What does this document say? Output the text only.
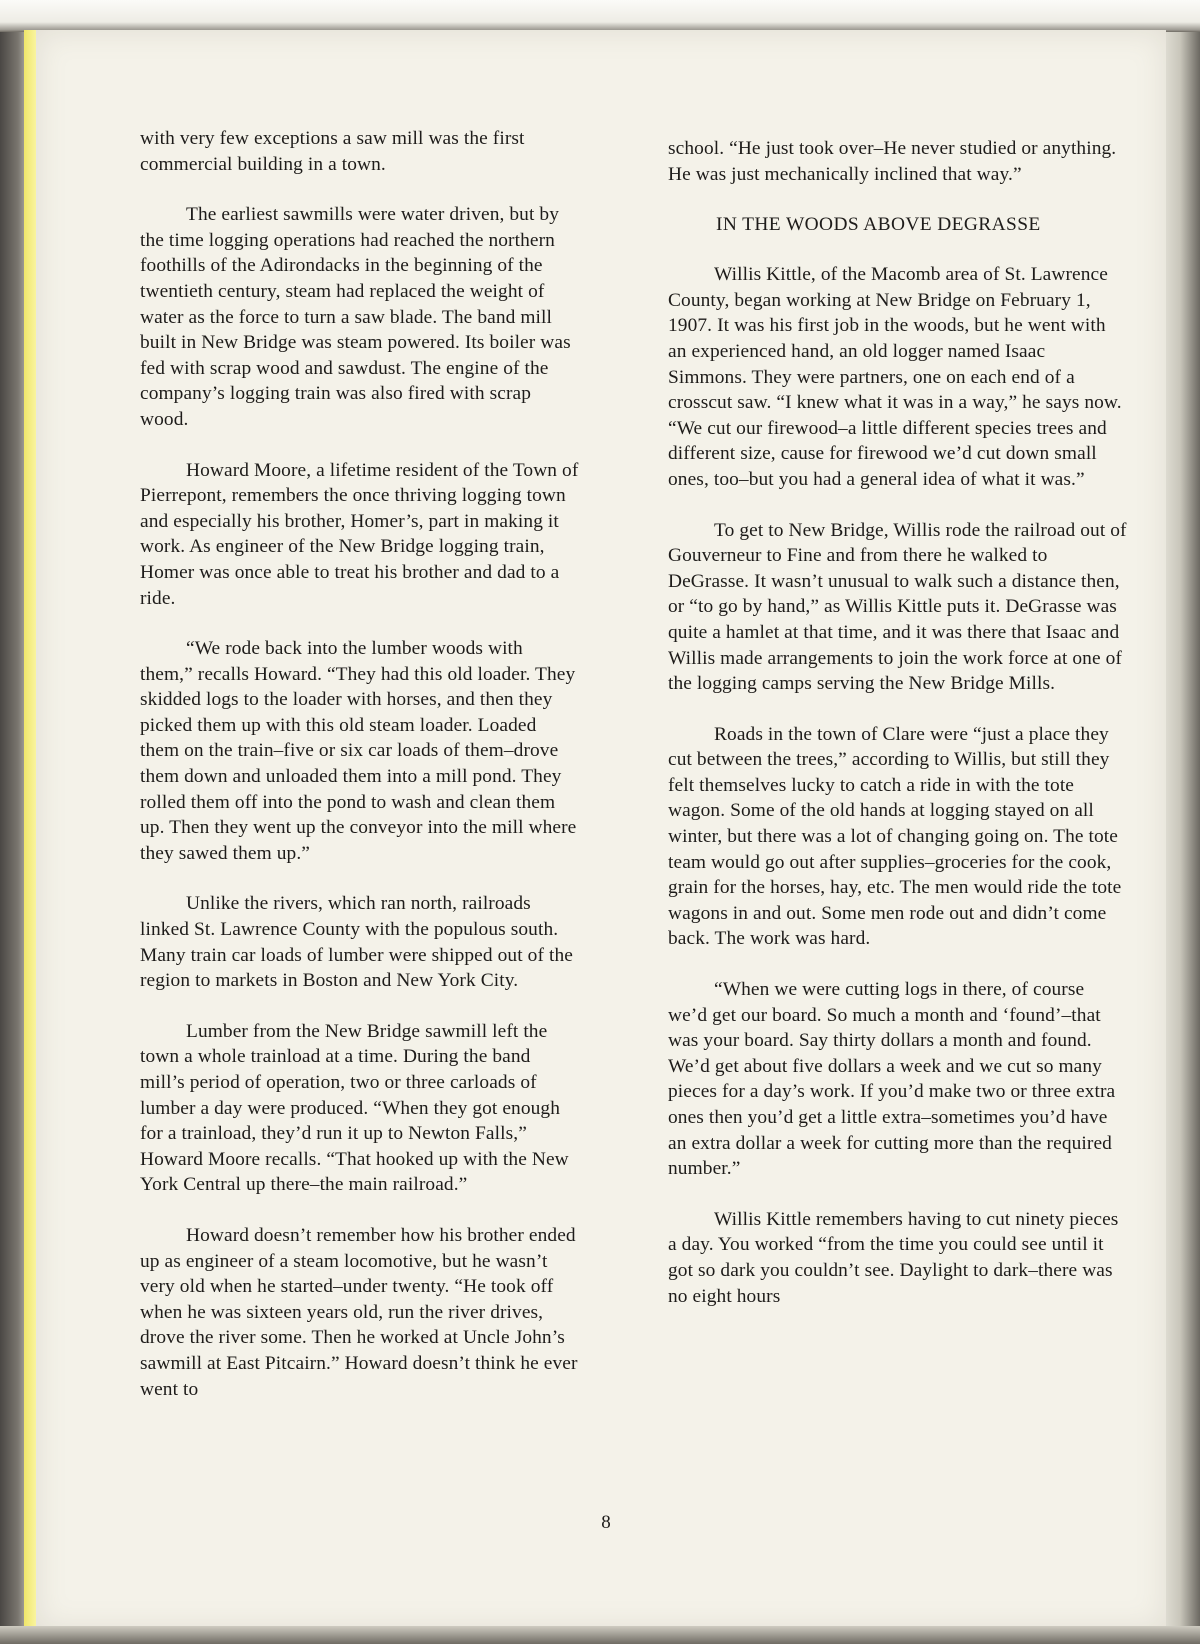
with very few exceptions a saw mill was the first commercial building in a town.

The earliest sawmills were water driven, but by the time logging operations had reached the northern foothills of the Adirondacks in the beginning of the twentieth century, steam had replaced the weight of water as the force to turn a saw blade. The band mill built in New Bridge was steam powered. Its boiler was fed with scrap wood and sawdust. The engine of the company’s logging train was also fired with scrap wood.

Howard Moore, a lifetime resident of the Town of Pierrepont, remembers the once thriving logging town and especially his brother, Homer’s, part in making it work. As engineer of the New Bridge logging train, Homer was once able to treat his brother and dad to a ride.

“We rode back into the lumber woods with them,” recalls Howard. “They had this old loader. They skidded logs to the loader with horses, and then they picked them up with this old steam loader. Loaded them on the train–five or six car loads of them–drove them down and unloaded them into a mill pond. They rolled them off into the pond to wash and clean them up. Then they went up the conveyor into the mill where they sawed them up.”

Unlike the rivers, which ran north, railroads linked St. Lawrence County with the populous south. Many train car loads of lumber were shipped out of the region to markets in Boston and New York City.

Lumber from the New Bridge sawmill left the town a whole trainload at a time. During the band mill’s period of operation, two or three carloads of lumber a day were produced. “When they got enough for a trainload, they’d run it up to Newton Falls,” Howard Moore recalls. “That hooked up with the New York Central up there–the main railroad.”

Howard doesn’t remember how his brother ended up as engineer of a steam locomotive, but he wasn’t very old when he started–under twenty. “He took off when he was sixteen years old, run the river drives, drove the river some. Then he worked at Uncle John’s sawmill at East Pitcairn.” Howard doesn’t think he ever went to

school. “He just took over–He never studied or anything. He was just mechanically inclined that way.”

IN THE WOODS ABOVE DEGRASSE

Willis Kittle, of the Macomb area of St. Lawrence County, began working at New Bridge on February 1, 1907. It was his first job in the woods, but he went with an experienced hand, an old logger named Isaac Simmons. They were partners, one on each end of a crosscut saw. “I knew what it was in a way,” he says now. “We cut our firewood–a little different species trees and different size, cause for firewood we’d cut down small ones, too–but you had a general idea of what it was.”

To get to New Bridge, Willis rode the railroad out of Gouverneur to Fine and from there he walked to DeGrasse. It wasn’t unusual to walk such a distance then, or “to go by hand,” as Willis Kittle puts it. DeGrasse was quite a hamlet at that time, and it was there that Isaac and Willis made arrangements to join the work force at one of the logging camps serving the New Bridge Mills.

Roads in the town of Clare were “just a place they cut between the trees,” according to Willis, but still they felt themselves lucky to catch a ride in with the tote wagon. Some of the old hands at logging stayed on all winter, but there was a lot of changing going on. The tote team would go out after supplies–groceries for the cook, grain for the horses, hay, etc. The men would ride the tote wagons in and out. Some men rode out and didn’t come back. The work was hard.

“When we were cutting logs in there, of course we’d get our board. So much a month and ‘found’–that was your board. Say thirty dollars a month and found. We’d get about five dollars a week and we cut so many pieces for a day’s work. If you’d make two or three extra ones then you’d get a little extra–sometimes you’d have an extra dollar a week for cutting more than the required number.”

Willis Kittle remembers having to cut ninety pieces a day. You worked “from the time you could see until it got so dark you couldn’t see. Daylight to dark–there was no eight hours

8
